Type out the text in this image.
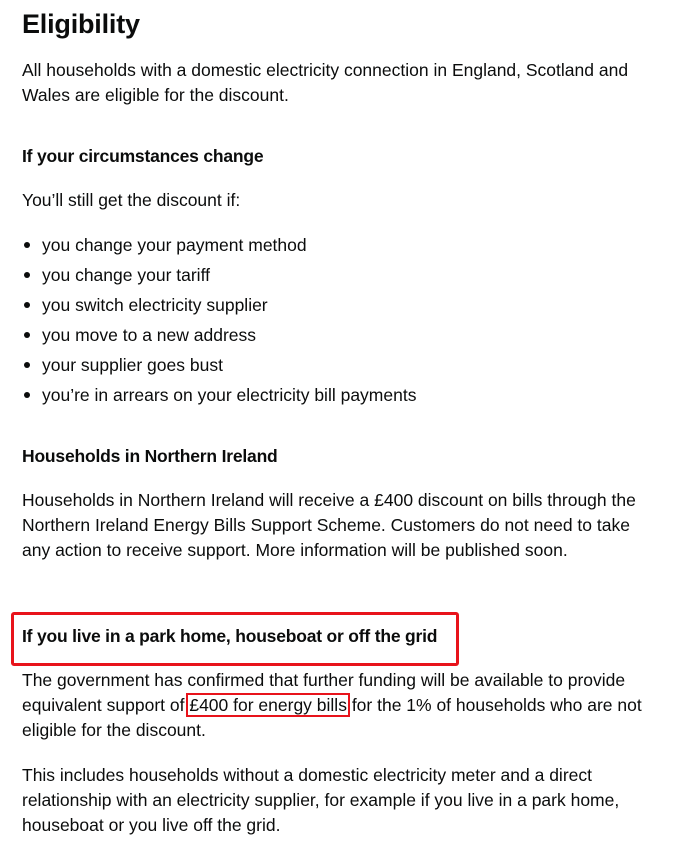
Eligibility

All households with a domestic electricity connection in England, Scotland and Wales are eligible for the discount.

If your circumstances change

You’ll still get the discount if:

you change your payment method
you change your tariff
you switch electricity supplier
you move to a new address
your supplier goes bust
you’re in arrears on your electricity bill payments
Households in Northern Ireland

Households in Northern Ireland will receive a £400 discount on bills through the Northern Ireland Energy Bills Support Scheme. Customers do not need to take any action to receive support. More information will be published soon.

If you live in a park home, houseboat or off the grid

The government has confirmed that further funding will be available to provide equivalent support of £400 for energy bills for the 1% of households who are not eligible for the discount.

This includes households without a domestic electricity meter and a direct relationship with an electricity supplier, for example if you live in a park home, houseboat or you live off the grid.
